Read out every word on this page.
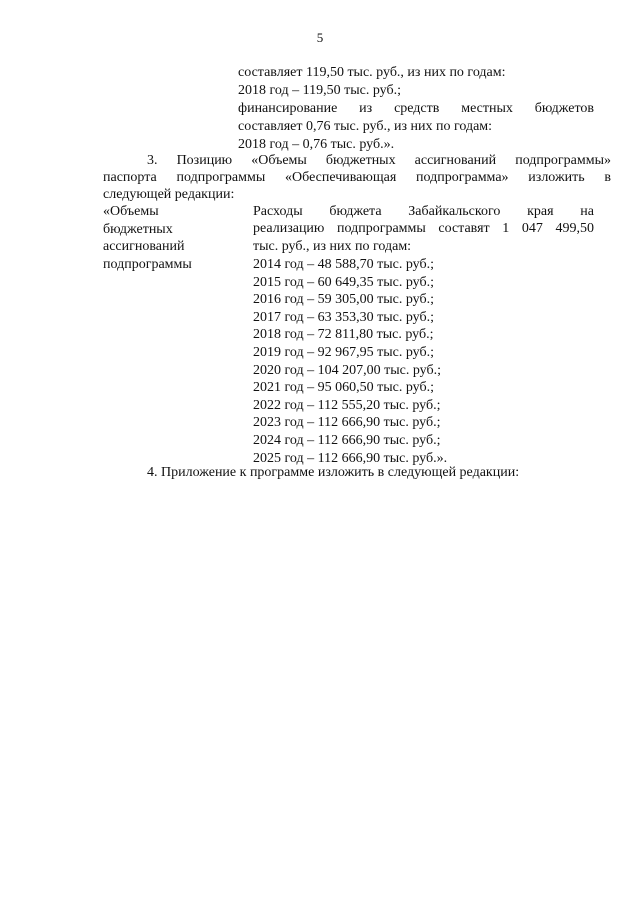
5
составляет 119,50 тыс. руб., из них по годам:
2018 год – 119,50 тыс. руб.;
финансирование из средств местных бюджетов
составляет 0,76 тыс. руб., из них по годам:
2018 год – 0,76 тыс. руб.».
3. Позицию «Объемы бюджетных ассигнований подпрограммы»
паспорта подпрограммы «Обеспечивающая подпрограмма» изложить в
следующей редакции:
«Объемы
бюджетных
ассигнований
подпрограммы
Расходы бюджета Забайкальского края на
реализацию подпрограммы составят 1 047 499,50
тыс. руб., из них по годам:
2014 год – 48 588,70 тыс. руб.;
2015 год – 60 649,35 тыс. руб.;
2016 год – 59 305,00 тыс. руб.;
2017 год – 63 353,30 тыс. руб.;
2018 год – 72 811,80 тыс. руб.;
2019 год – 92 967,95 тыс. руб.;
2020 год – 104 207,00 тыс. руб.;
2021 год – 95 060,50 тыс. руб.;
2022 год – 112 555,20 тыс. руб.;
2023 год – 112 666,90 тыс. руб.;
2024 год – 112 666,90 тыс. руб.;
2025 год – 112 666,90 тыс. руб.».
4. Приложение к программе изложить в следующей редакции:
